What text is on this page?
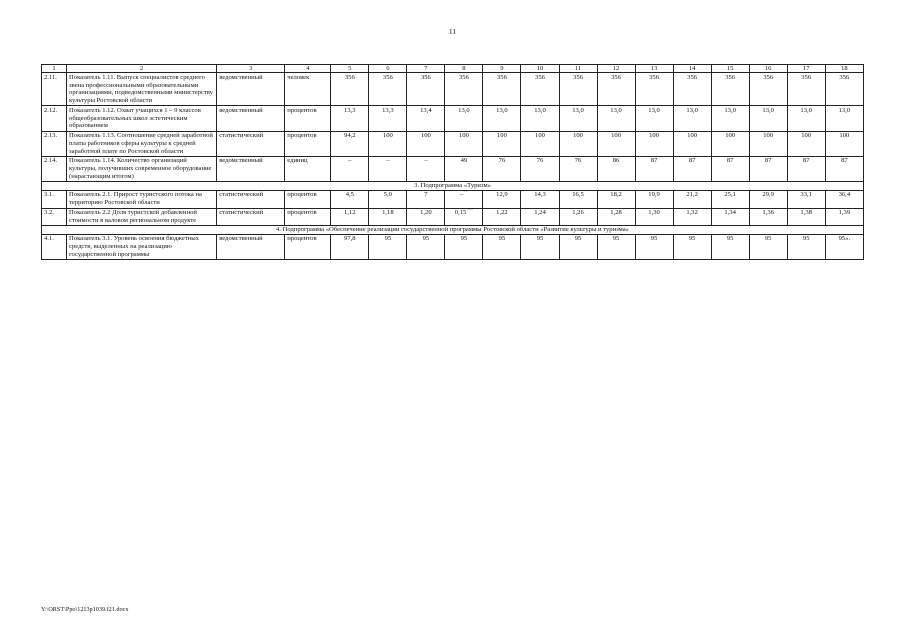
11
1	2	3	4	5	6	7	8	9	10	11	12	13	14	15	16	17	18
2.11.	Показатель 1.11. Выпуск специалистов среднего звена профессиональными образовательными организациями, подведомственными министерству культуры Ростовской области	ведомственный	человек	356	356	356	356	356	356	356	356	356	356	356	356	356	356
2.12.	Показатель 1.12. Охват учащихся 1 – 9 классов общеобразовательных школ эстетическим образованием	ведомственный	процентов	13,3	13,3	13,4	13,0	13,0	13,0	13,0	13,0	13,0	13,0	13,0	13,0	13,0	13,0
2.13.	Показатель 1.13. Соотношение средней заработной платы работников сферы культуры к средней заработной плате по Ростовской области	статистический	процентов	94,2	100	100	100	100	100	100	100	100	100	100	100	100	100
2.14.	Показатель 1.14. Количество организаций культуры, получивших современное оборудование (нарастающим итогом)	ведомственный	единиц	–	–	–	49	76	76	76	86	87	87	87	87	87	87
3. Подпрограмма «Туризм»																	
3.1.	Показатель 2.1. Прирост туристского потока на территорию Ростовской области	статистический	процентов	4,5	5,0	7	–**	12,9	14,3	16,5	18,2	19,9	21,2	25,1	29,9	33,1	36,4
3.2.	Показатель 2.2 Доля туристской добавленной стоимости в валовом региональном продукте	статистический	процентов	1,12	1,18	1,20	0,15***	1,22	1,24	1,26	1,28	1,30	1,32	1,34	1,36	1,38	1,39
4. Подпрограмма «Обеспечение реализации государственной программы Ростовской области «Развитие культуры и туризма»																	
4.1.	Показатель 3.1. Уровень освоения бюджетных средств, выделенных на реализацию государственной программы	ведомственный	процентов	97,8	95	95	95	95	95	95	95	95	95	95	95	95	95».
Y:\ORST\Ppo\1213p1039.f21.docx
